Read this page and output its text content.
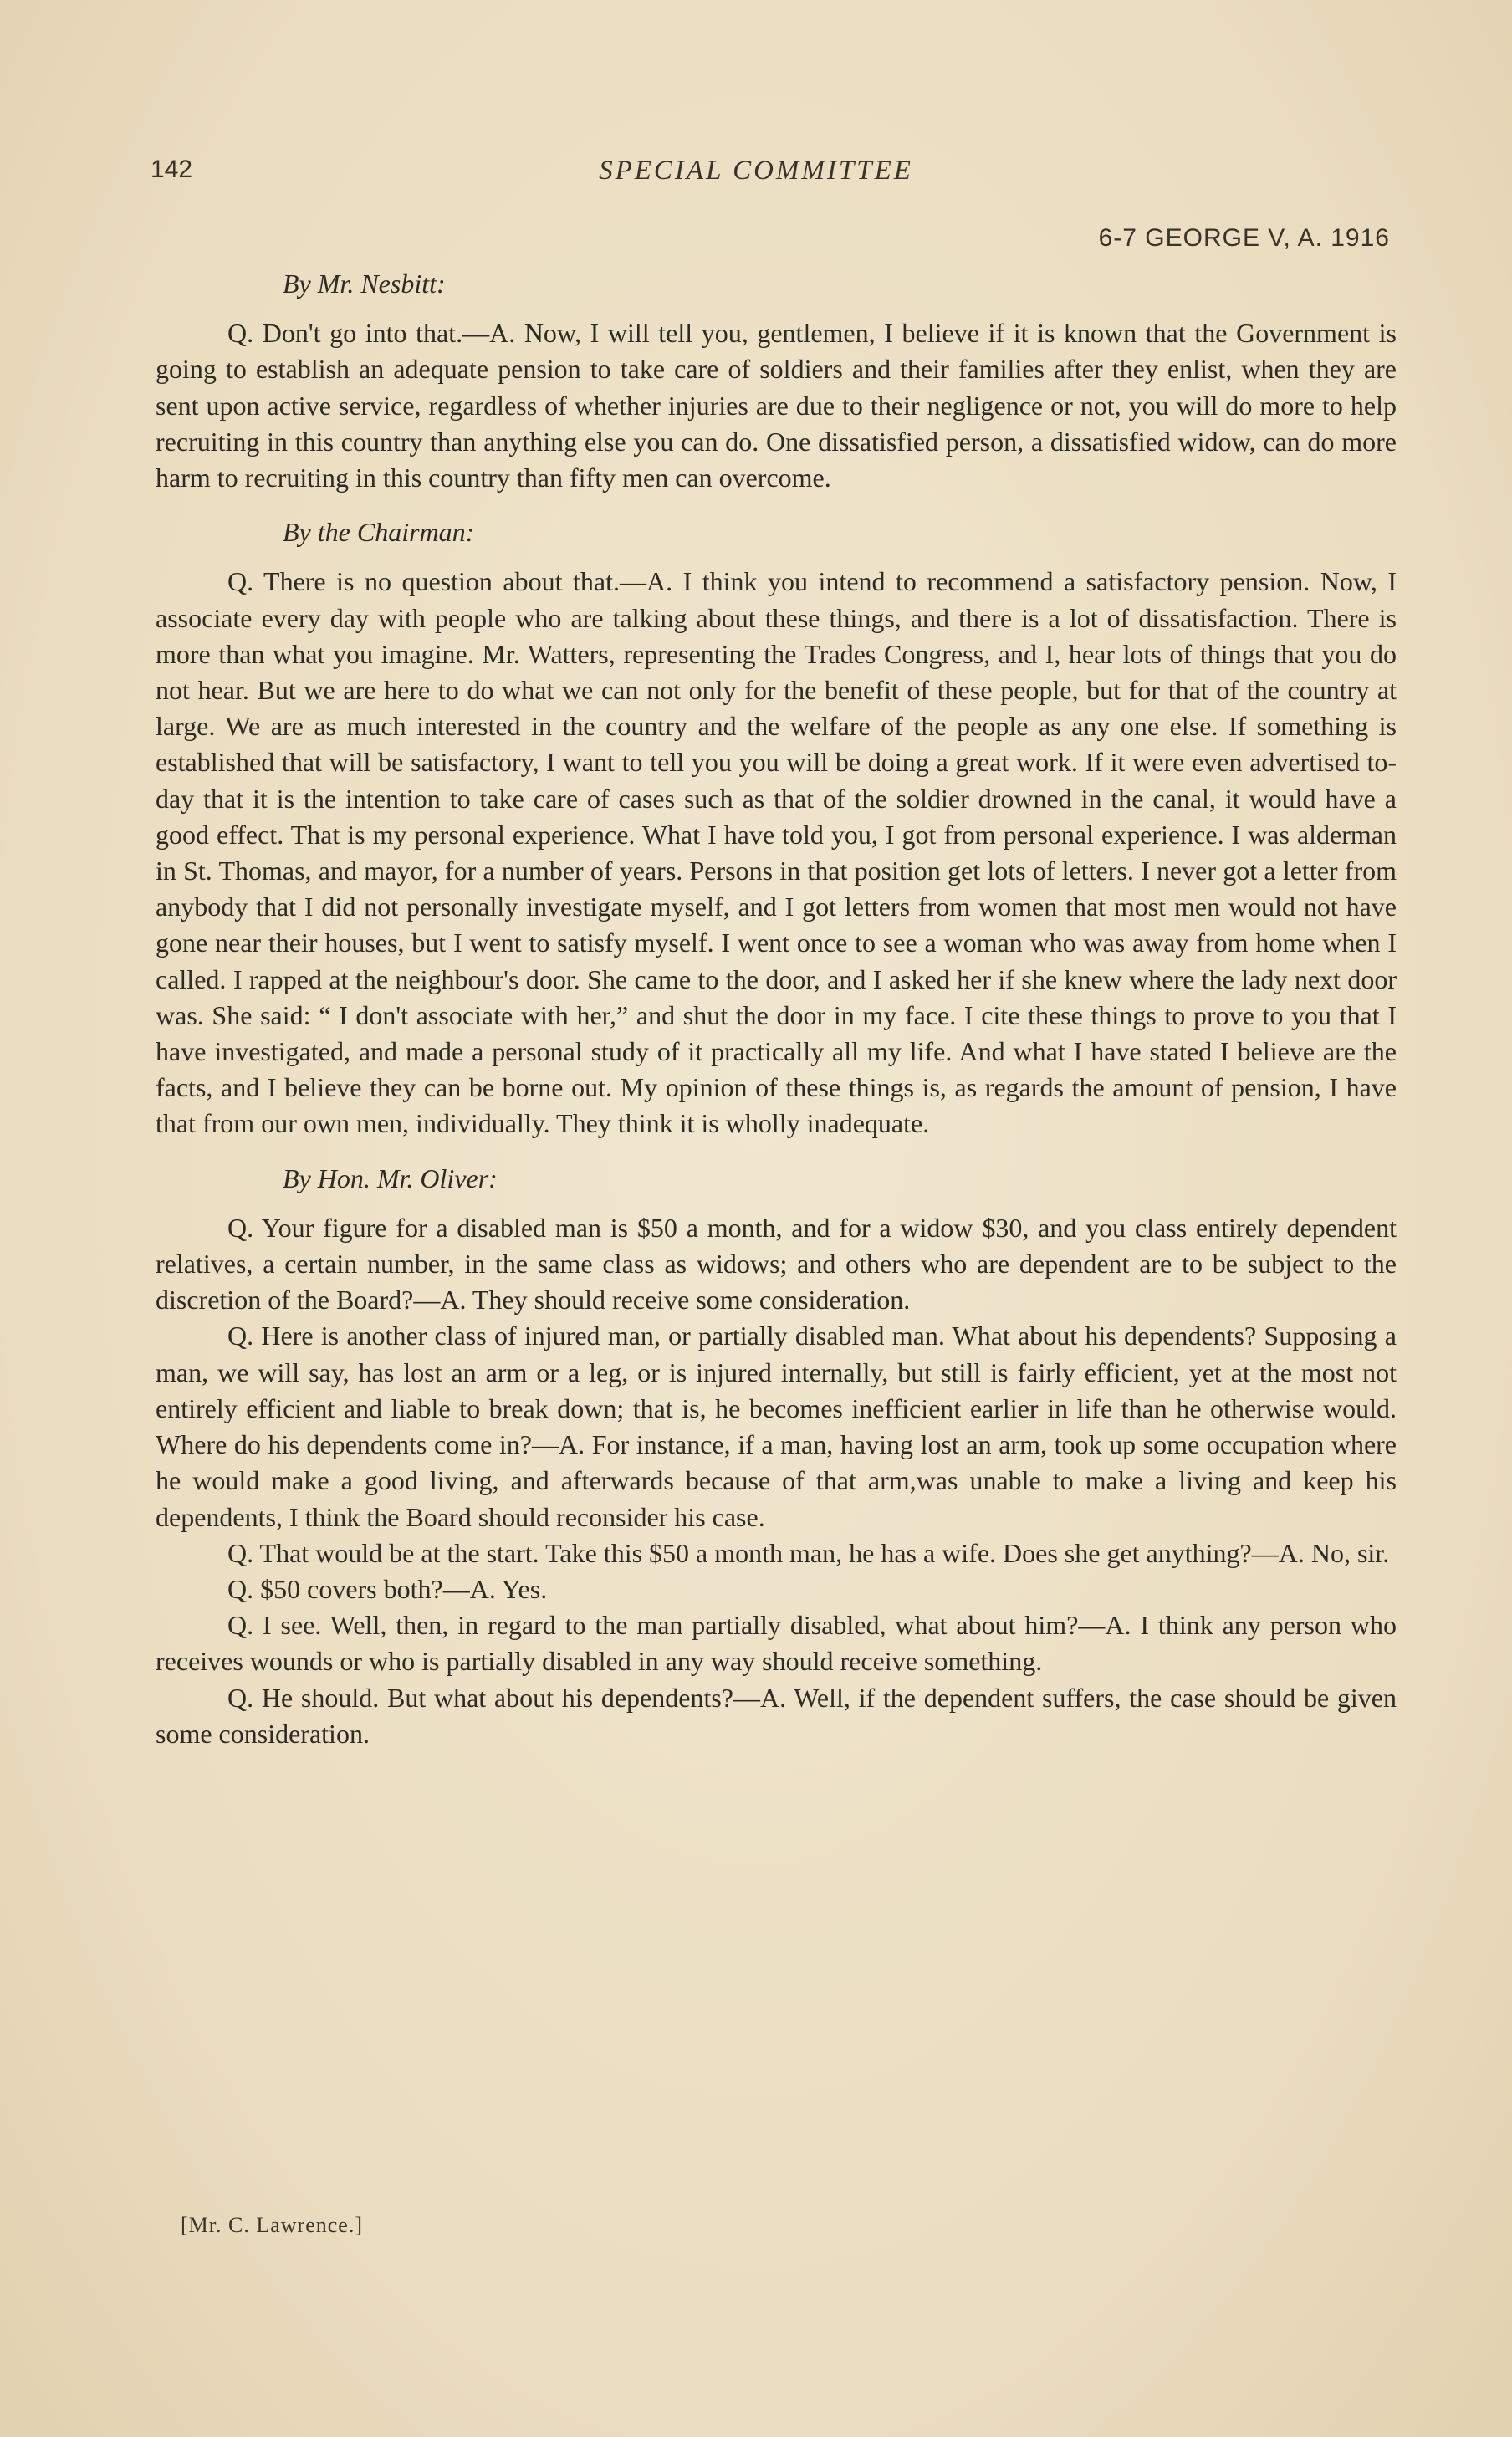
142	SPECIAL COMMITTEE
6-7 GEORGE V, A. 1916
By Mr. Nesbitt:

Q. Don't go into that.—A. Now, I will tell you, gentlemen, I believe if it is known that the Government is going to establish an adequate pension to take care of soldiers and their families after they enlist, when they are sent upon active service, regardless of whether injuries are due to their negligence or not, you will do more to help recruiting in this country than anything else you can do. One dissatisfied person, a dissatisfied widow, can do more harm to recruiting in this country than fifty men can overcome.

By the Chairman:

Q. There is no question about that.—A. I think you intend to recommend a satisfactory pension. Now, I associate every day with people who are talking about these things, and there is a lot of dissatisfaction. There is more than what you imagine. Mr. Watters, representing the Trades Congress, and I, hear lots of things that you do not hear. But we are here to do what we can not only for the benefit of these people, but for that of the country at large. We are as much interested in the country and the welfare of the people as any one else. If something is established that will be satisfactory, I want to tell you you will be doing a great work. If it were even advertised to-day that it is the intention to take care of cases such as that of the soldier drowned in the canal, it would have a good effect. That is my personal experience. What I have told you, I got from personal experience. I was alderman in St. Thomas, and mayor, for a number of years. Persons in that position get lots of letters. I never got a letter from anybody that I did not personally investigate myself, and I got letters from women that most men would not have gone near their houses, but I went to satisfy myself. I went once to see a woman who was away from home when I called. I rapped at the neighbour's door. She came to the door, and I asked her if she knew where the lady next door was. She said: “ I don't associate with her,” and shut the door in my face. I cite these things to prove to you that I have investigated, and made a personal study of it practically all my life. And what I have stated I believe are the facts, and I believe they can be borne out. My opinion of these things is, as regards the amount of pension, I have that from our own men, individually. They think it is wholly inadequate.

By Hon. Mr. Oliver:

Q. Your figure for a disabled man is $50 a month, and for a widow $30, and you class entirely dependent relatives, a certain number, in the same class as widows; and others who are dependent are to be subject to the discretion of the Board?—A. They should receive some consideration.

Q. Here is another class of injured man, or partially disabled man. What about his dependents? Supposing a man, we will say, has lost an arm or a leg, or is injured internally, but still is fairly efficient, yet at the most not entirely efficient and liable to break down; that is, he becomes inefficient earlier in life than he otherwise would. Where do his dependents come in?—A. For instance, if a man, having lost an arm, took up some occupation where he would make a good living, and afterwards because of that arm,was unable to make a living and keep his dependents, I think the Board should reconsider his case.

Q. That would be at the start. Take this $50 a month man, he has a wife. Does she get anything?—A. No, sir.

Q. $50 covers both?—A. Yes.

Q. I see. Well, then, in regard to the man partially disabled, what about him?—A. I think any person who receives wounds or who is partially disabled in any way should receive something.

Q. He should. But what about his dependents?—A. Well, if the dependent suffers, the case should be given some consideration.

[Mr. C. Lawrence.]
